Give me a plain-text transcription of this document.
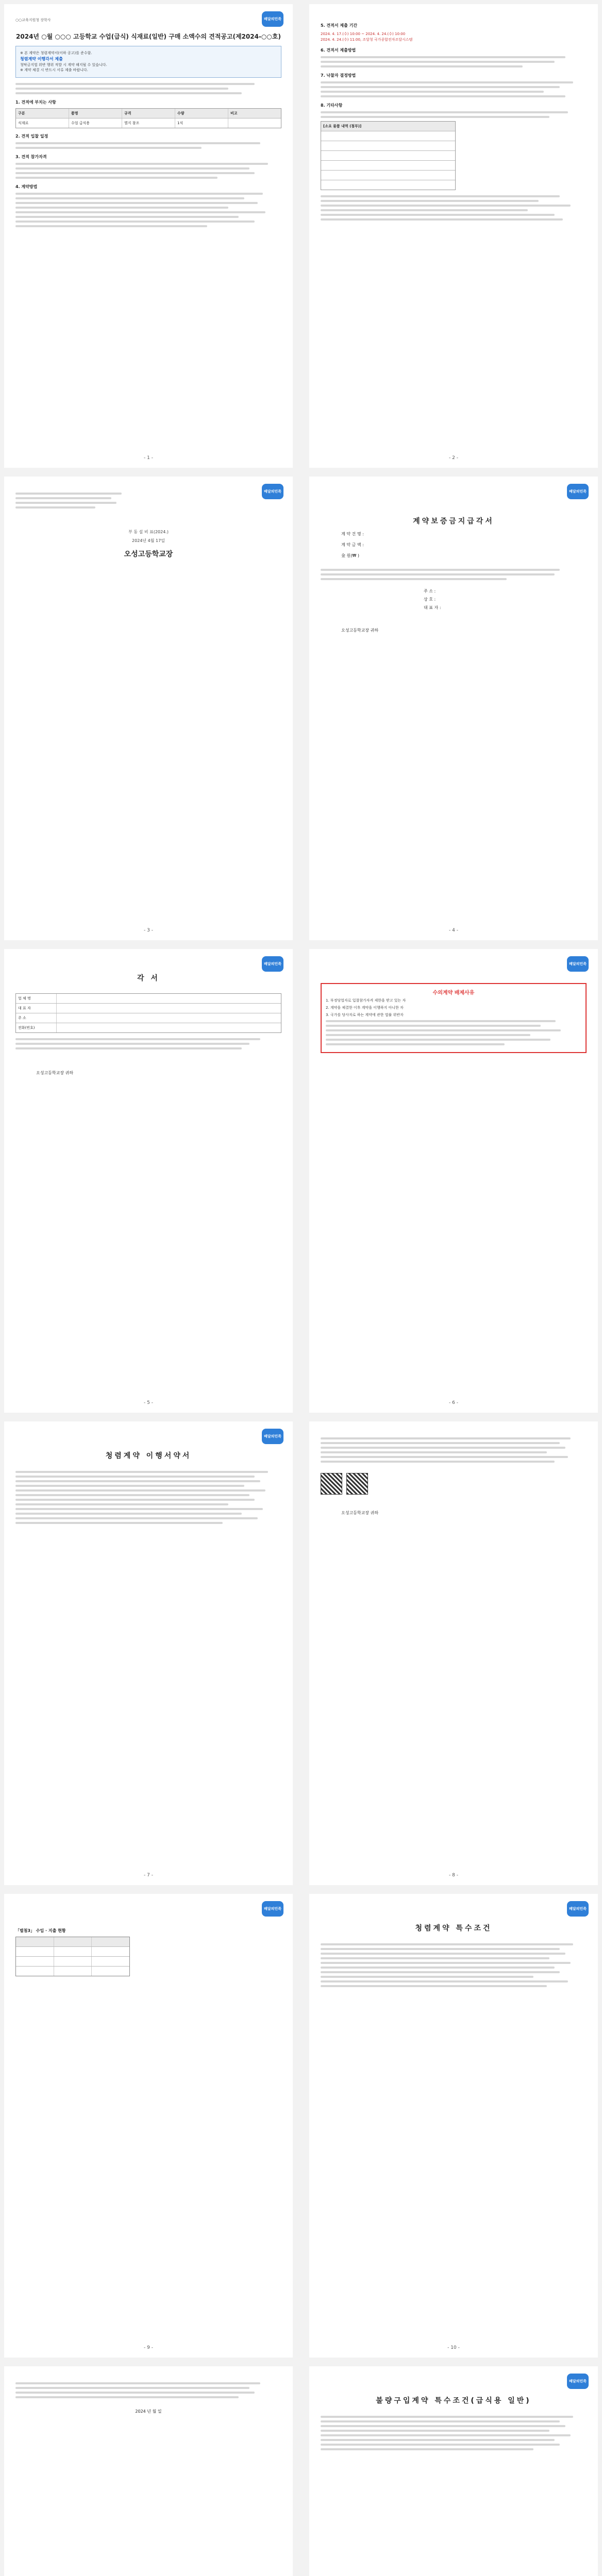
배달의민족
○○교육지원청 장학사
2024년 ○월 ○○○ 고등학교 수업(급식) 식재료(일반) 구매 소액수의 견적공고(제2024-○○호)
※ 본 계약은 청렴계약서(이하 공고)를 준수함.
청렴계약 이행각서 제출
청탁금지법 위반 행위 적발 시 계약 해지될 수 있습니다.
※ 계약 체결 시 반드시 서류 제출 바랍니다.
1. 견적에 부치는 사항
구분	품명	규격	수량	비고
식재료	수업 급식용	별지 참조	1식
2. 견적 입찰 일정
3. 견적 참가자격
4. 계약방법
- 1 -
5. 견적서 제출 기간
2024. 4. 17.(수) 10:00 ~ 2024. 4. 24.(수) 10:00
2024. 4. 24.(수) 11:00, 조달청 국가종합전자조달시스템
6. 견적서 제출방법
7. 낙찰자 결정방법
8. 기타사항
[소요 물품 내역 (첨부)]
- 2 -
배달의민족
부 동 설 비 표(2024.)
2024년 4월 17일
오성고등학교장
- 3 -
배달의민족
계약보증금지급각서
계 약 건 명 :
계 약 금 액 :
金 원(₩ )
주 소 :
상 호 :
대 표 자 :
오성고등학교장 귀하
- 4 -
배달의민족
각 서
업 체 명
대 표 자
주 소
전화(번호)
오성고등학교장 귀하
- 5 -
배달의민족
수의계약 배제사유
1. 부정당업자로 입찰참가자격 제한을 받고 있는 자
2. 계약을 체결한 이후 계약을 이행하지 아니한 자
3. 국가를 당사자로 하는 계약에 관한 법률 위반자
- 6 -
배달의민족
청렴계약 이행서약서
- 7 -
오성고등학교장 귀하
- 8 -
배달의민족
「별첨3」 수입 · 지출 현황
- 9 -
배달의민족
청렴계약 특수조건
- 10 -
2024 년 월 일
배달의민족
불량구입계약 특수조건(급식용 일반)
